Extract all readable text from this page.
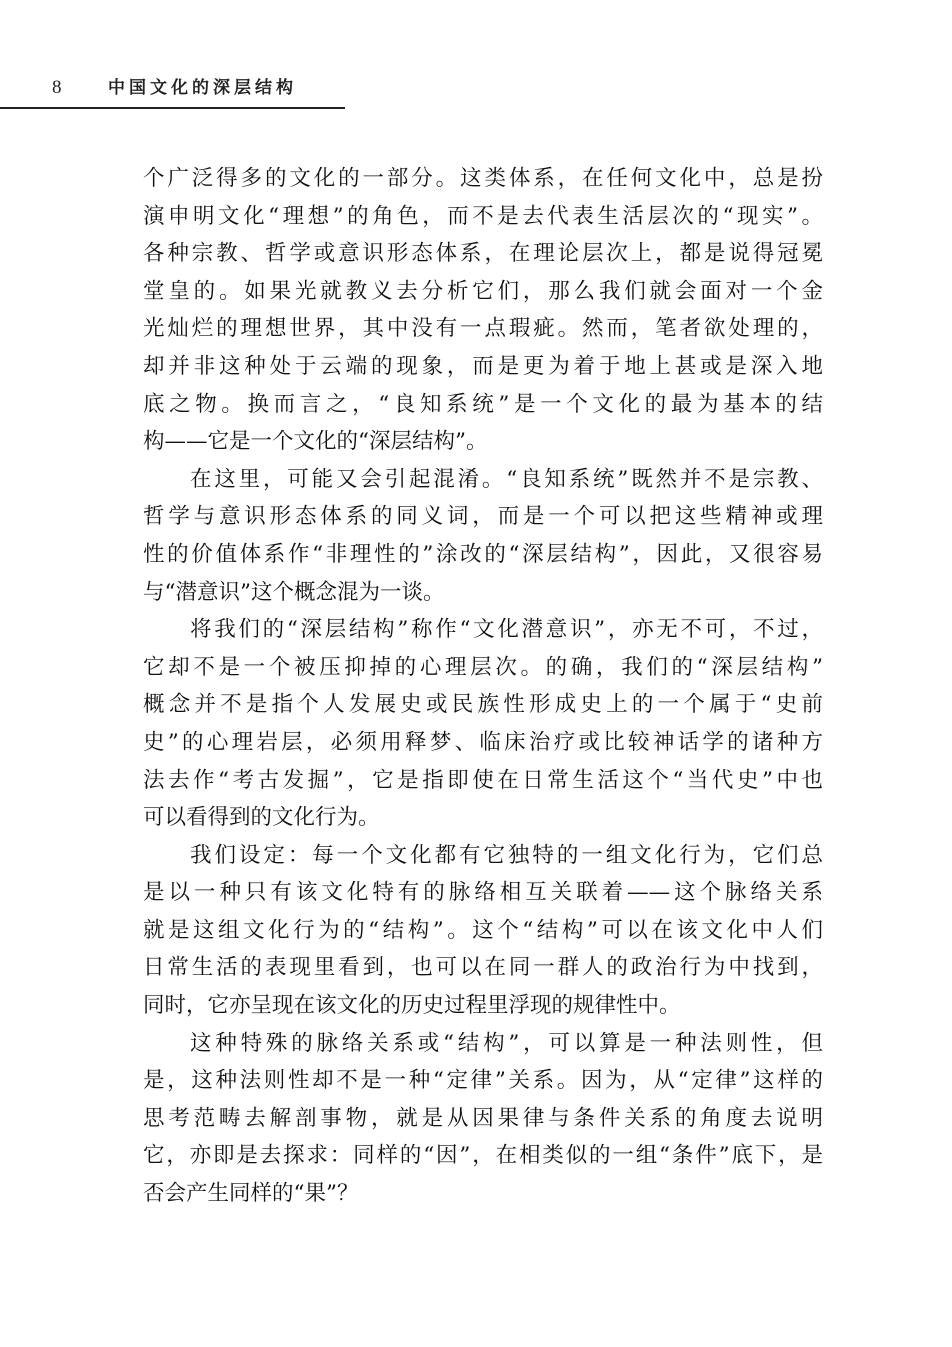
8	中国文化的深层结构
个广泛得多的文化的一部分。这类体系，在任何文化中，总是扮
演申明文化“理想”的角色，而不是去代表生活层次的“现实”。
各种宗教、哲学或意识形态体系，在理论层次上，都是说得冠冕
堂皇的。如果光就教义去分析它们，那么我们就会面对一个金
光灿烂的理想世界，其中没有一点瑕疵。然而，笔者欲处理的，
却并非这种处于云端的现象，而是更为着于地上甚或是深入地
底之物。换而言之，“良知系统”是一个文化的最为基本的结
构——它是一个文化的“深层结构”。
在这里，可能又会引起混淆。“良知系统”既然并不是宗教、
哲学与意识形态体系的同义词，而是一个可以把这些精神或理
性的价值体系作“非理性的”涂改的“深层结构”，因此，又很容易
与“潜意识”这个概念混为一谈。
将我们的“深层结构”称作“文化潜意识”，亦无不可，不过，
它却不是一个被压抑掉的心理层次。的确，我们的“深层结构”
概念并不是指个人发展史或民族性形成史上的一个属于“史前
史”的心理岩层，必须用释梦、临床治疗或比较神话学的诸种方
法去作“考古发掘”，它是指即使在日常生活这个“当代史”中也
可以看得到的文化行为。
我们设定：每一个文化都有它独特的一组文化行为，它们总
是以一种只有该文化特有的脉络相互关联着——这个脉络关系
就是这组文化行为的“结构”。这个“结构”可以在该文化中人们
日常生活的表现里看到，也可以在同一群人的政治行为中找到，
同时，它亦呈现在该文化的历史过程里浮现的规律性中。
这种特殊的脉络关系或“结构”，可以算是一种法则性，但
是，这种法则性却不是一种“定律”关系。因为，从“定律”这样的
思考范畴去解剖事物，就是从因果律与条件关系的角度去说明
它，亦即是去探求：同样的“因”，在相类似的一组“条件”底下，是
否会产生同样的“果”？
